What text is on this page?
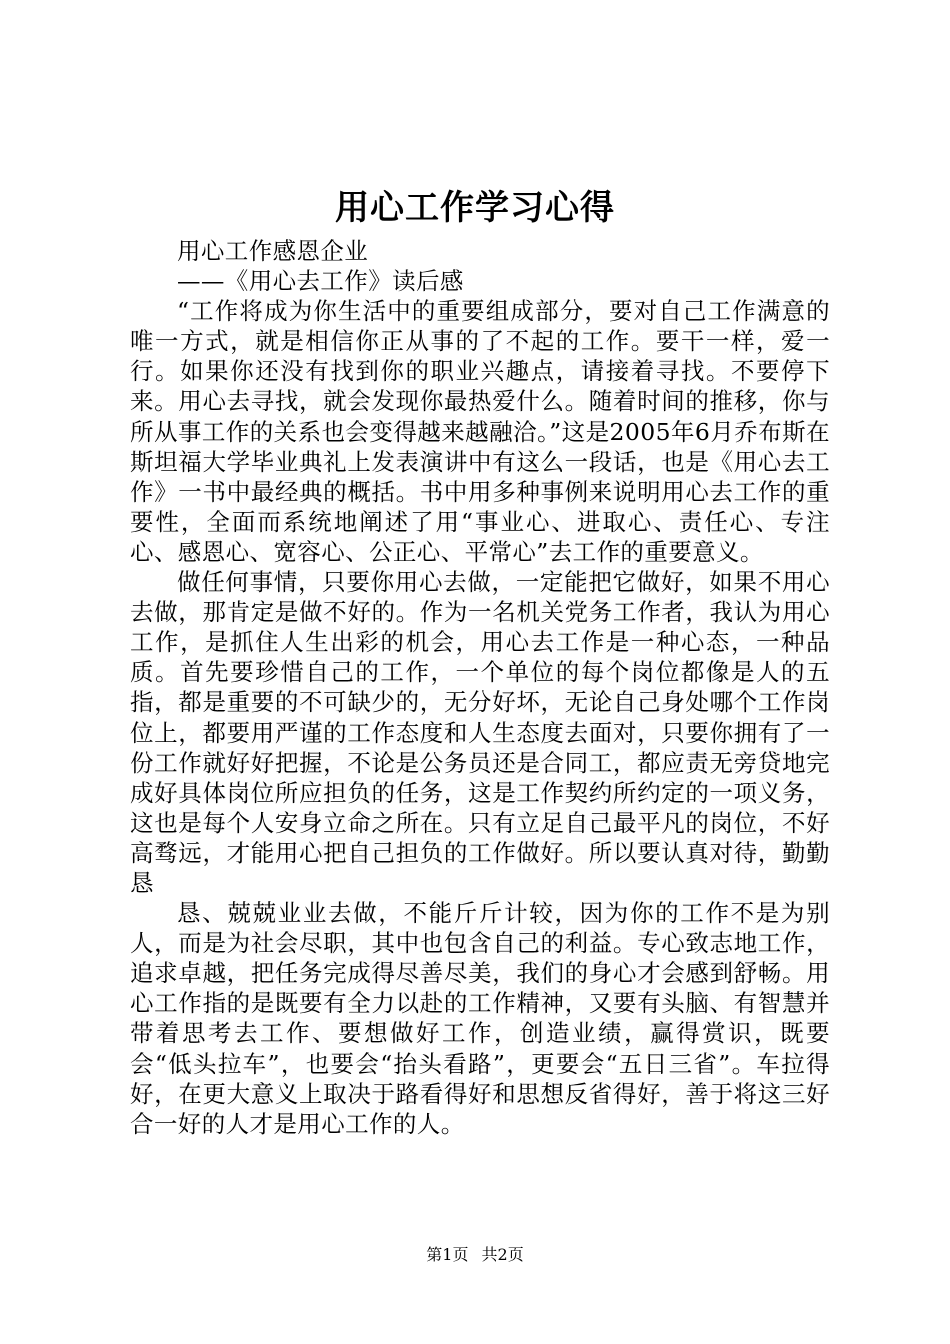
用心工作学习心得

用心工作感恩企业

——《用心去工作》读后感

“工作将成为你生活中的重要组成部分，要对自己工作满意的唯一方式，就是相信你正从事的了不起的工作。要干一样，爱一行。如果你还没有找到你的职业兴趣点，请接着寻找。不要停下来。用心去寻找，就会发现你最热爱什么。随着时间的推移，你与所从事工作的关系也会变得越来越融洽。”这是2005年6月乔布斯在斯坦福大学毕业典礼上发表演讲中有这么一段话，也是《用心去工作》一书中最经典的概括。书中用多种事例来说明用心去工作的重要性，全面而系统地阐述了用“事业心、进取心、责任心、专注心、感恩心、宽容心、公正心、平常心”去工作的重要意义。

做任何事情，只要你用心去做，一定能把它做好，如果不用心去做，那肯定是做不好的。作为一名机关党务工作者，我认为用心工作，是抓住人生出彩的机会，用心去工作是一种心态，一种品质。首先要珍惜自己的工作，一个单位的每个岗位都像是人的五指，都是重要的不可缺少的，无分好坏，无论自己身处哪个工作岗位上，都要用严谨的工作态度和人生态度去面对，只要你拥有了一份工作就好好把握，不论是公务员还是合同工，都应责无旁贷地完成好具体岗位所应担负的任务，这是工作契约所约定的一项义务，这也是每个人安身立命之所在。只有立足自己最平凡的岗位，不好高骛远，才能用心把自己担负的工作做好。所以要认真对待，勤勤恳

恳、兢兢业业去做，不能斤斤计较，因为你的工作不是为别人，而是为社会尽职，其中也包含自己的利益。专心致志地工作，追求卓越，把任务完成得尽善尽美，我们的身心才会感到舒畅。用心工作指的是既要有全力以赴的工作精神，又要有头脑、有智慧并带着思考去工作、要想做好工作，创造业绩，赢得赏识，既要会“低头拉车”，也要会“抬头看路”，更要会“五日三省”。车拉得好，在更大意义上取决于路看得好和思想反省得好，善于将这三好合一好的人才是用心工作的人。

第1页 共2页
